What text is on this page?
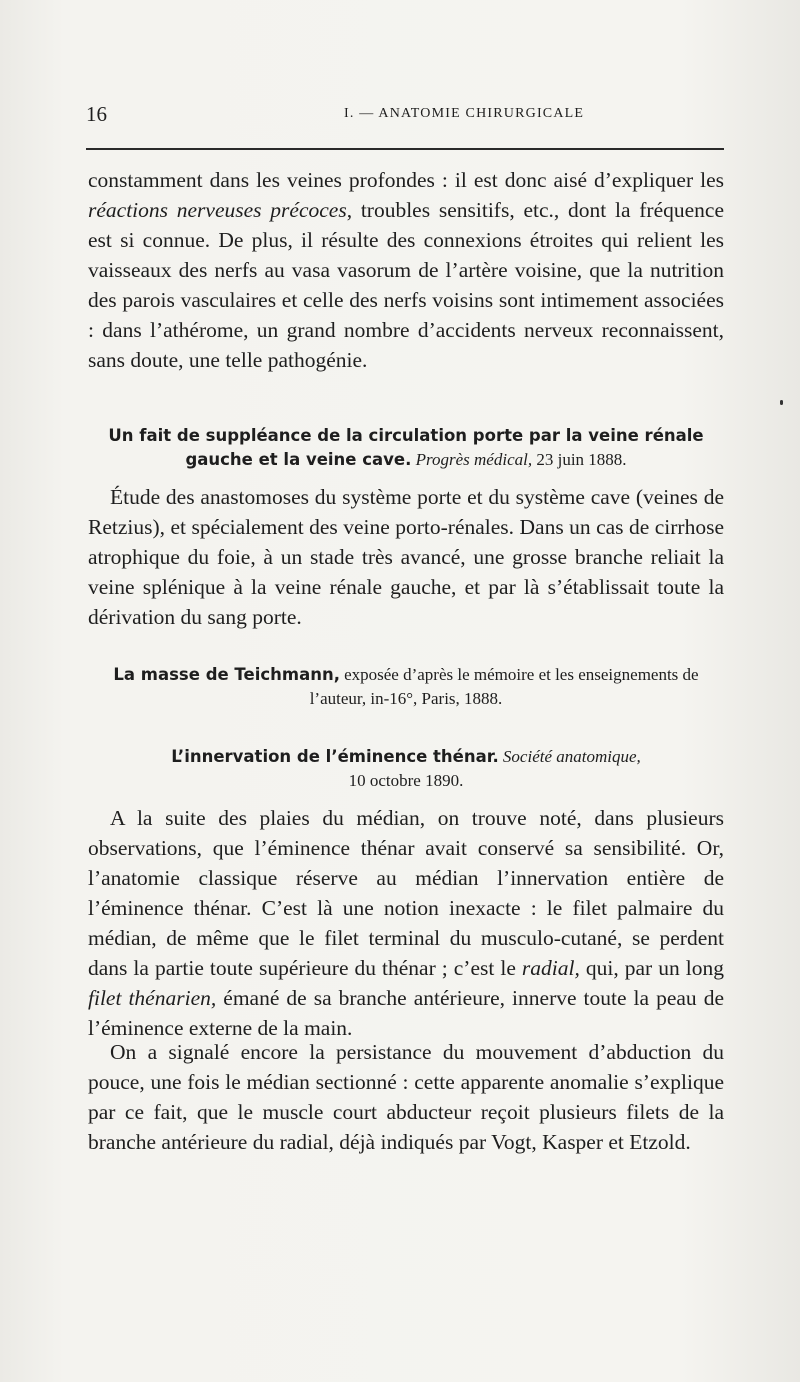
16	I. — ANATOMIE CHIRURGICALE

constamment dans les veines profondes : il est donc aisé d’expliquer les réactions nerveuses précoces, troubles sensitifs, etc., dont la fréquence est si connue. De plus, il résulte des connexions étroites qui relient les vaisseaux des nerfs au vasa vasorum de l’artère voisine, que la nutrition des parois vasculaires et celle des nerfs voisins sont intimement associées : dans l’athérome, un grand nombre d’accidents nerveux reconnaissent, sans doute, une telle pathogénie.

Un fait de suppléance de la circulation porte par la veine rénale gauche et la veine cave. Progrès médical, 23 juin 1888.

Étude des anastomoses du système porte et du système cave (veines de Retzius), et spécialement des veine porto-rénales. Dans un cas de cirrhose atrophique du foie, à un stade très avancé, une grosse branche reliait la veine splénique à la veine rénale gauche, et par là s’établissait toute la dérivation du sang porte.

La masse de Teichmann, exposée d’après le mémoire et les enseignements de l’auteur, in-16°, Paris, 1888.
L’innervation de l’éminence thénar. Société anatomique,
10 octobre 1890.

A la suite des plaies du médian, on trouve noté, dans plusieurs observations, que l’éminence thénar avait conservé sa sensibilité. Or, l’anatomie classique réserve au médian l’innervation entière de l’éminence thénar. C’est là une notion inexacte : le filet palmaire du médian, de même que le filet terminal du musculo-cutané, se perdent dans la partie toute supérieure du thénar ; c’est le radial, qui, par un long filet thénarien, émané de sa branche antérieure, innerve toute la peau de l’éminence externe de la main.

On a signalé encore la persistance du mouvement d’abduction du pouce, une fois le médian sectionné : cette apparente anomalie s’explique par ce fait, que le muscle court abducteur reçoit plusieurs filets de la branche antérieure du radial, déjà indiqués par Vogt, Kasper et Etzold.
